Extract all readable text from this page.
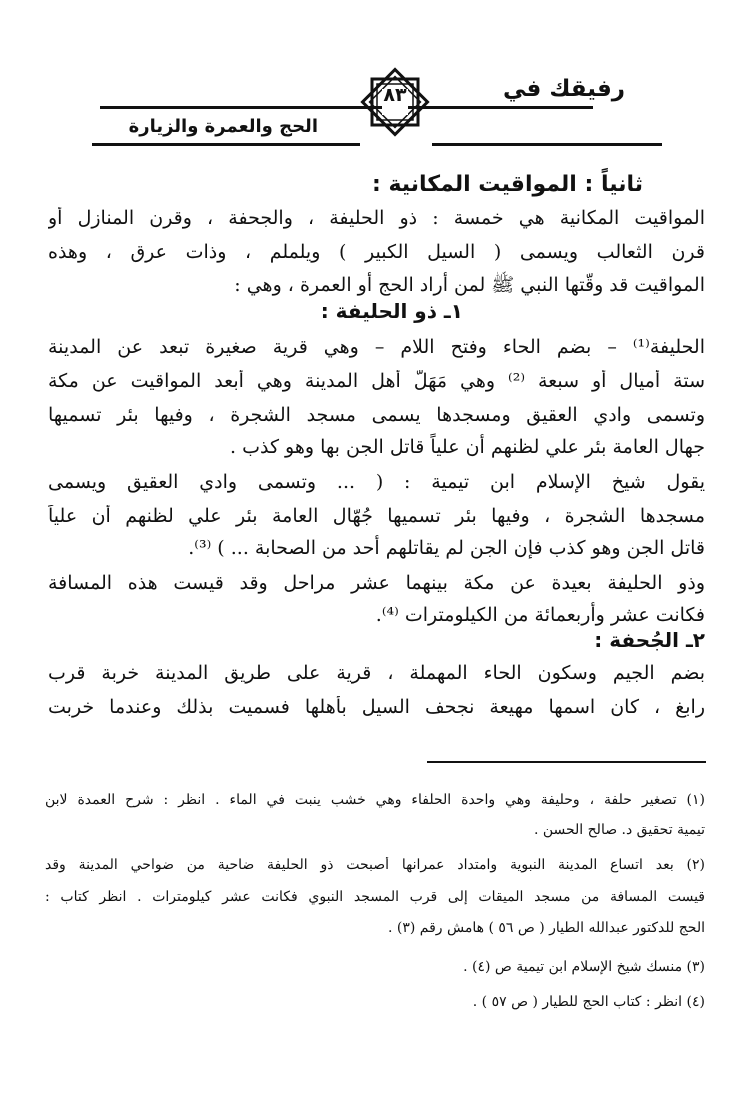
رفيقك في
٨٣
الحج والعمرة والزيارة
ثانياً : المواقيت المكانية :
المواقيت المكانية هي خمسة : ذو الحليفة ، والجحفة ، وقرن المنازل أو
قرن الثعالب ويسمى ( السيل الكبير ) ويلملم ، وذات عرق ، وهذه
المواقيت قد وقّتها النبي ﷺ لمن أراد الحج أو العمرة ، وهي :
١ـ ذو الحليفة :
الحليفة⁽¹⁾ – بضم الحاء وفتح اللام – وهي قرية صغيرة تبعد عن المدينة
ستة أميال أو سبعة ⁽²⁾ وهي مَهَلّ أهل المدينة وهي أبعد المواقيت عن مكة
وتسمى وادي العقيق ومسجدها يسمى مسجد الشجرة ، وفيها بئر تسميها
جهال العامة بئر علي لظنهم أن علياً قاتل الجن بها وهو كذب .
يقول شيخ الإسلام ابن تيمية : ( ... وتسمى وادي العقيق ويسمى
مسجدها الشجرة ، وفيها بئر تسميها جُهّال العامة بئر علي لظنهم أن علياً
قاتل الجن وهو كذب فإن الجن لم يقاتلهم أحد من الصحابة ... ) ⁽³⁾.
وذو الحليفة بعيدة عن مكة بينهما عشر مراحل وقد قيست هذه المسافة
فكانت عشر وأربعمائة من الكيلومترات ⁽⁴⁾.
٢ـ الجُحفة :
بضم الجيم وسكون الحاء المهملة ، قرية على طريق المدينة خربة قرب
رابغ ، كان اسمها مهيعة نجحف السيل بأهلها فسميت بذلك وعندما خربت
(١) تصغير حلفة ، وحليفة وهي واحدة الحلفاء وهي خشب ينبت في الماء . انظر : شرح العمدة لابن
تيمية تحقيق د. صالح الحسن .
(٢) بعد اتساع المدينة النبوية وامتداد عمرانها أصبحت ذو الحليفة ضاحية من ضواحي المدينة وقد
قيست المسافة من مسجد الميقات إلى قرب المسجد النبوي فكانت عشر كيلومترات . انظر كتاب :
الحج للدكتور عبدالله الطيار ( ص ٥٦ ) هامش رقم (٣) .
(٣) منسك شيخ الإسلام ابن تيمية ص (٤) .
(٤) انظر : كتاب الحج للطيار ( ص ٥٧ ) .
